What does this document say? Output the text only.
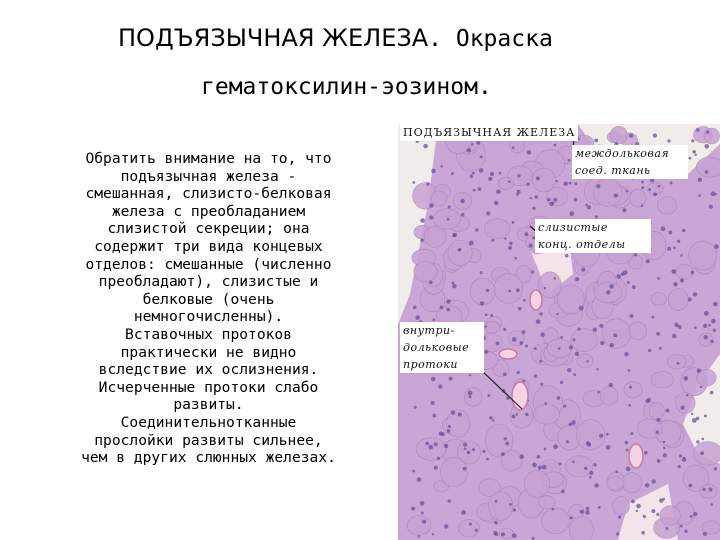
ПОДЪЯЗЫЧНАЯ ЖЕЛЕЗА. Окраска
гематоксилин-эозином.
Обратить внимание на то, что
подъязычная железа -
смешанная, слизисто-белковая
железа с преобладанием
слизистой секреции; она
содержит три вида концевых
отделов: смешанные (численно
преобладают), слизистые и
белковые (очень
немногочисленны).
Вставочных протоков
практически не видно
вследствие их ослизнения.
Исчерченные протоки слабо
развиты.
Соединительнотканные
прослойки развиты сильнее,
чем в других слюнных железах.
ПОДЪЯЗЫЧНАЯ ЖЕЛЕЗА
междольковая
соед. ткань
слизистые
конц. отделы
внутри-
дольковые
протоки
